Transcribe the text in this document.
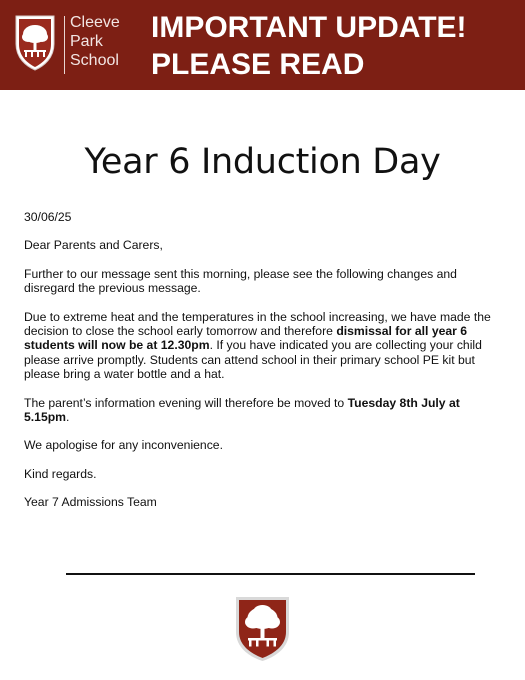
Cleeve
Park
School
IMPORTANT UPDATE!
PLEASE READ
Year 6 Induction Day

30/06/25

Dear Parents and Carers,

Further to our message sent this morning, please see the following changes and disregard the previous message.

Due to extreme heat and the temperatures in the school increasing, we have made the decision to close the school early tomorrow and therefore dismissal for all year 6 students will now be at 12.30pm. If you have indicated you are collecting your child please arrive promptly. Students can attend school in their primary school PE kit but please bring a water bottle and a hat.

The parent’s information evening will therefore be moved to Tuesday 8th July at 5.15pm.

We apologise for any inconvenience.

Kind regards.

Year 7 Admissions Team
